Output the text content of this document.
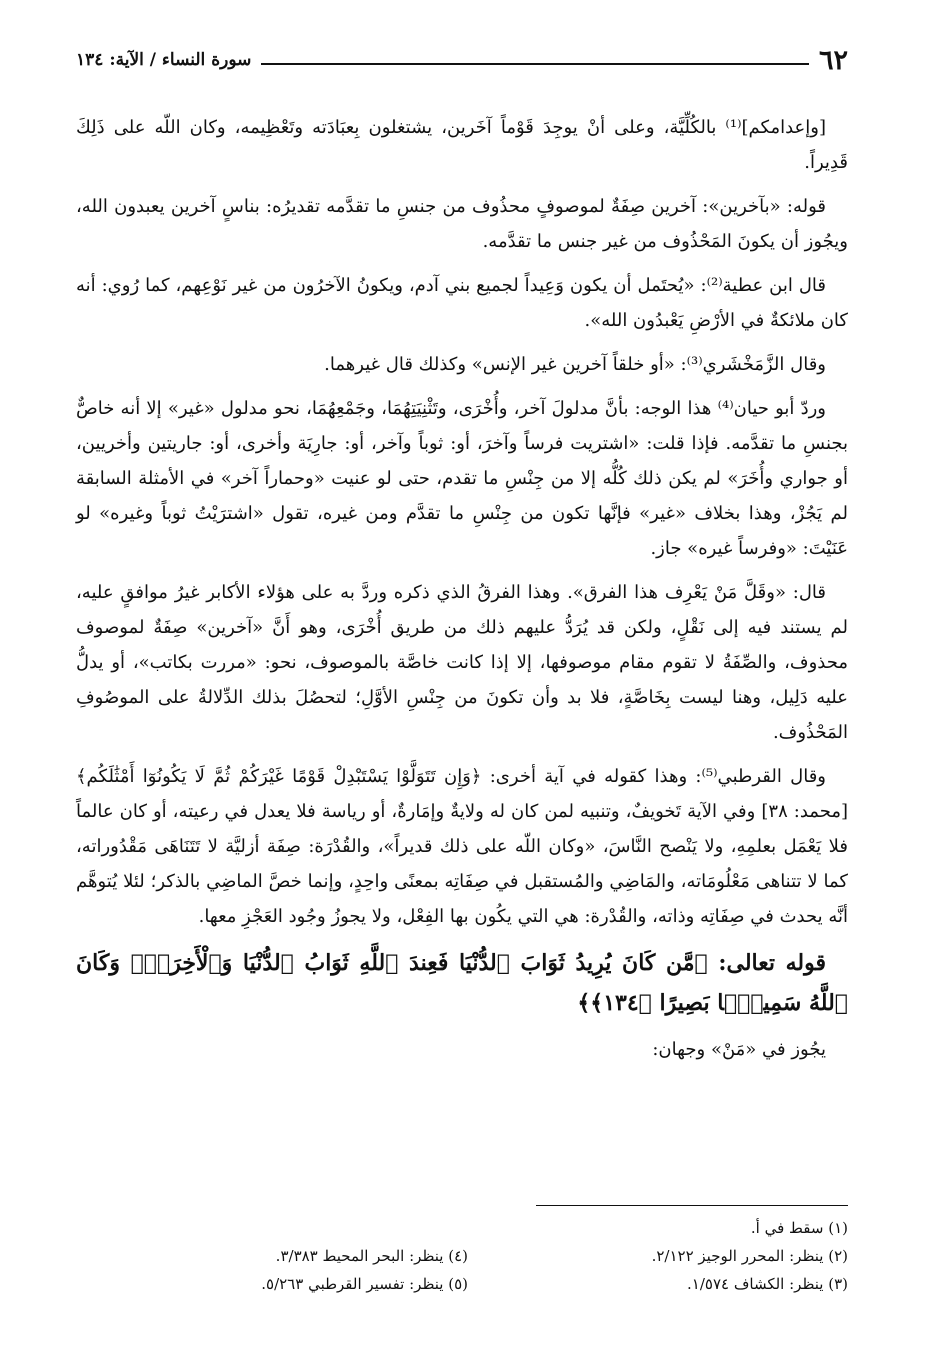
٦٢
سورة النساء / الآية: ١٣٤

[وإعدامكم]⁽¹⁾ بالكُلِّيَّة، وعلى أنْ يوجِدَ قَوْماً آخَرين، يشتغلون بِعبَادَته وتَعْظِيمه، وكان اللّه على ذَلِكَ قَدِيراً.

قوله: «بآخرين»: آخرين صِفَةٌ لموصوفٍ محذُوف من جنسِ ما تقدَّمه تقديرُه: بناسٍ آخرين يعبدون الله، ويجُوز أن يكونَ المَحْذُوف من غير جنس ما تقدَّمه.

قال ابن عطية⁽²⁾: «يُحتَمل أن يكون وَعِيداً لجميع بني آدم، ويكونُ الآخرُون من غير نَوْعِهم، كما رُوي: أنه كان ملائكةٌ في الأرْضِ يَعْبدُون الله».

وقال الزَّمَخْشَري⁽³⁾: «أو خلقاً آخرين غير الإنس» وكذلك قال غيرهما.

وردّ أبو حيان⁽⁴⁾ هذا الوجه: بأنَّ مدلولَ آخر، وأُخْرَى، وتَثْنِيَتِهُمَا، وجَمْعِهُمَا، نحو مدلول «غير» إلا أنه خاصٌّ بجنسِ ما تقدَّمه. فإذا قلت: «اشتريت فرساً وآخرَ، أو: ثوباً وآخر، أو: جارِيَة وأخرى، أو: جاريتين وأخريين، أو جواري وأُخَرَ» لم يكن ذلك كُلُّه إلا من جِنْسِ ما تقدم، حتى لو عنيت «وحماراً آخر» في الأمثلة السابقة لم يَجُزْ، وهذا بخلاف «غير» فإنَّها تكون من جِنْسِ ما تقدَّم ومن غيره، تقول «اشترَيْتُ ثوباً وغيره» لو عَنَيْتَ: «وفرساً غيره» جاز.

قال: «وقَلَّ مَنْ يَعْرِف هذا الفرق». وهذا الفرقُ الذي ذكره وردَّ به على هؤلاء الأكابر غيرُ موافقٍ عليه، لم يستند فيه إلى نَقْلٍ، ولكن قد يُرَدُّ عليهم ذلك من طريق أُخْرَى، وهو أَنَّ «آخرين» صِفَةٌ لموصوف محذوف، والصِّفَةُ لا تقوم مقام موصوفها، إلا إذا كانت خاصَّة بالموصوف، نحو: «مررت بكاتب»، أو يدلُّ عليه دَلِيل، وهنا ليست بِخَاصَّةٍ، فلا بد وأن تكونَ من جِنْسِ الأوَّلِ؛ لتحصُلَ بذلك الدِّلالةُ على الموصُوفِ المَحْذُوف.

وقال القرطبي⁽⁵⁾: وهذا كقوله في آية أخرى: ﴿وَإِن تَتَوَلَّوْا يَسْتَبْدِلْ قَوْمًا غَيْرَكُمْ ثُمَّ لَا يَكُونُوٓا أَمْثَٰلَكُم﴾ [محمد: ٣٨] وفي الآية تَخويفٌ، وتنبيه لمن كان له ولايةٌ وإمَارةٌ، أو رياسة فلا يعدل في رعيته، أو كان عالماً فلا يَعْمَل بعلمِهِ، ولا يَنْصح النَّاسَ، «وكان اللّه على ذلك قديراً»، والقُدْرَة: صِفَة أزليَّة لا تَتَنَاهَى مَقْدُوراته، كما لا تتناهى مَعْلُومَاته، والمَاضِي والمُستقبل في صِفَاتِه بمعنًى واحِدٍ، وإنما خصَّ الماضِي بالذكر؛ لئلا يُتوهَّم أنَّه يحدث في صِفَاتِه وذاته، والقُدْرة: هي التي يكُون بها الفِعْل، ولا يجوزُ وجُود العَجْزِ معها.

قوله تعالى: ﴿مَّن كَانَ يُرِيدُ ثَوَابَ ٱلدُّنْيَا فَعِندَ ٱللَّهِ ثَوَابُ ٱلدُّنْيَا وَٱلْأَخِرَةِۚ وَكَانَ ٱللَّهُ سَمِيعًۢا بَصِيرًا ﴿١٣٤﴾﴾

يجُوز في «مَنْ» وجهان:

(١) سقط في أ.
(٢) ينظر: المحرر الوجيز ٢/١٢٢.
(٤) ينظر: البحر المحيط ٣/٣٨٣.
(٣) ينظر: الكشاف ١/٥٧٤.
(٥) ينظر: تفسير القرطبي ٥/٢٦٣.
